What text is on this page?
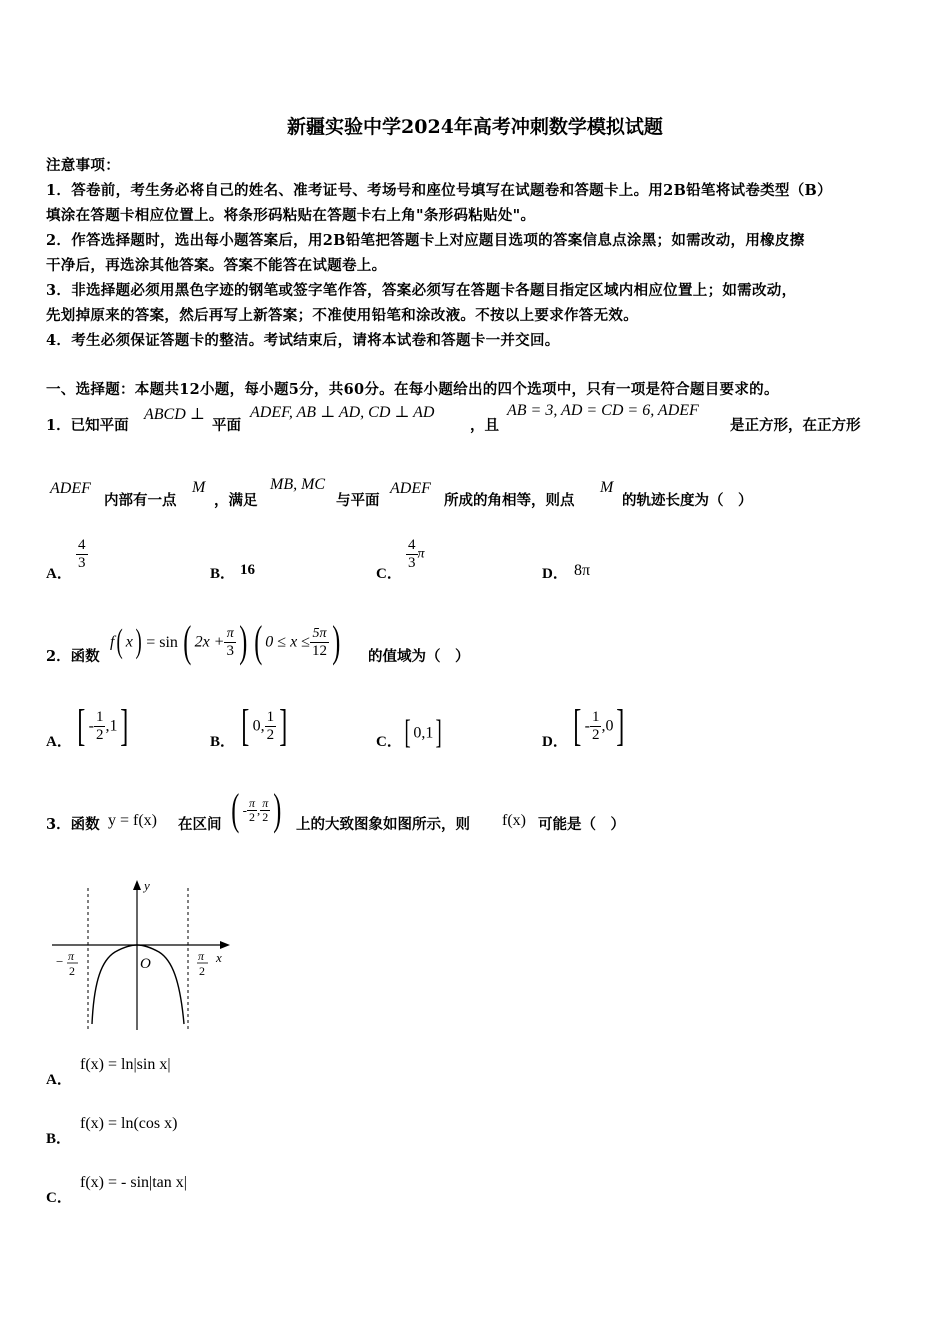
新疆实验中学2024年高考冲刺数学模拟试题
注意事项：
1．答卷前，考生务必将自己的姓名、准考证号、考场号和座位号填写在试题卷和答题卡上。用2B铅笔将试卷类型（B）
填涂在答题卡相应位置上。将条形码粘贴在答题卡右上角"条形码粘贴处"。
2．作答选择题时，选出每小题答案后，用2B铅笔把答题卡上对应题目选项的答案信息点涂黑；如需改动，用橡皮擦
干净后，再选涂其他答案。答案不能答在试题卷上。
3．非选择题必须用黑色字迹的钢笔或签字笔作答，答案必须写在答题卡各题目指定区域内相应位置上；如需改动，
先划掉原来的答案，然后再写上新答案；不准使用铅笔和涂改液。不按以上要求作答无效。
4．考生必须保证答题卡的整洁。考试结束后，请将本试卷和答题卡一并交回。
一、选择题：本题共12小题，每小题5分，共60分。在每小题给出的四个选项中，只有一项是符合题目要求的。
1．已知平面
ABCD ⊥
平面
ADEF, AB ⊥ AD, CD ⊥ AD
，且
AB = 3, AD = CD = 6, ADEF
是正方形，在正方形
ADEF
内部有一点
M
，满足
MB, MC
与平面
ADEF
所成的角相等，则点
M
的轨迹长度为（　）
A．
$\frac{4}{3}$
B． 16	C．
$\frac{4}{3}$ π
D． 8π
2．函数
f( x) = sin ( $2x + \frac{\pi}{3}$ ) ( $0 \le x \le \frac{5\pi}{12}$ ) 的值域为（　）
A． [ - $\frac{1}{2} ,1$]	B． [ 0, $\frac{1}{2}$ ]	C． [ 0,1]	D． [ - $\frac{1}{2} ,0$]
3．函数 y = f(x) 在区间 ( - $\frac{\pi}{2}$ , $\frac{\pi}{2}$ ) 上的大致图象如图所示，则 f(x) 可能是（　）
y
x
O
− π
2
π
2
A．
f(x) = ln|sin x|
B．
f(x) = ln(cos x)
C．
f(x) = - sin|tan x|
